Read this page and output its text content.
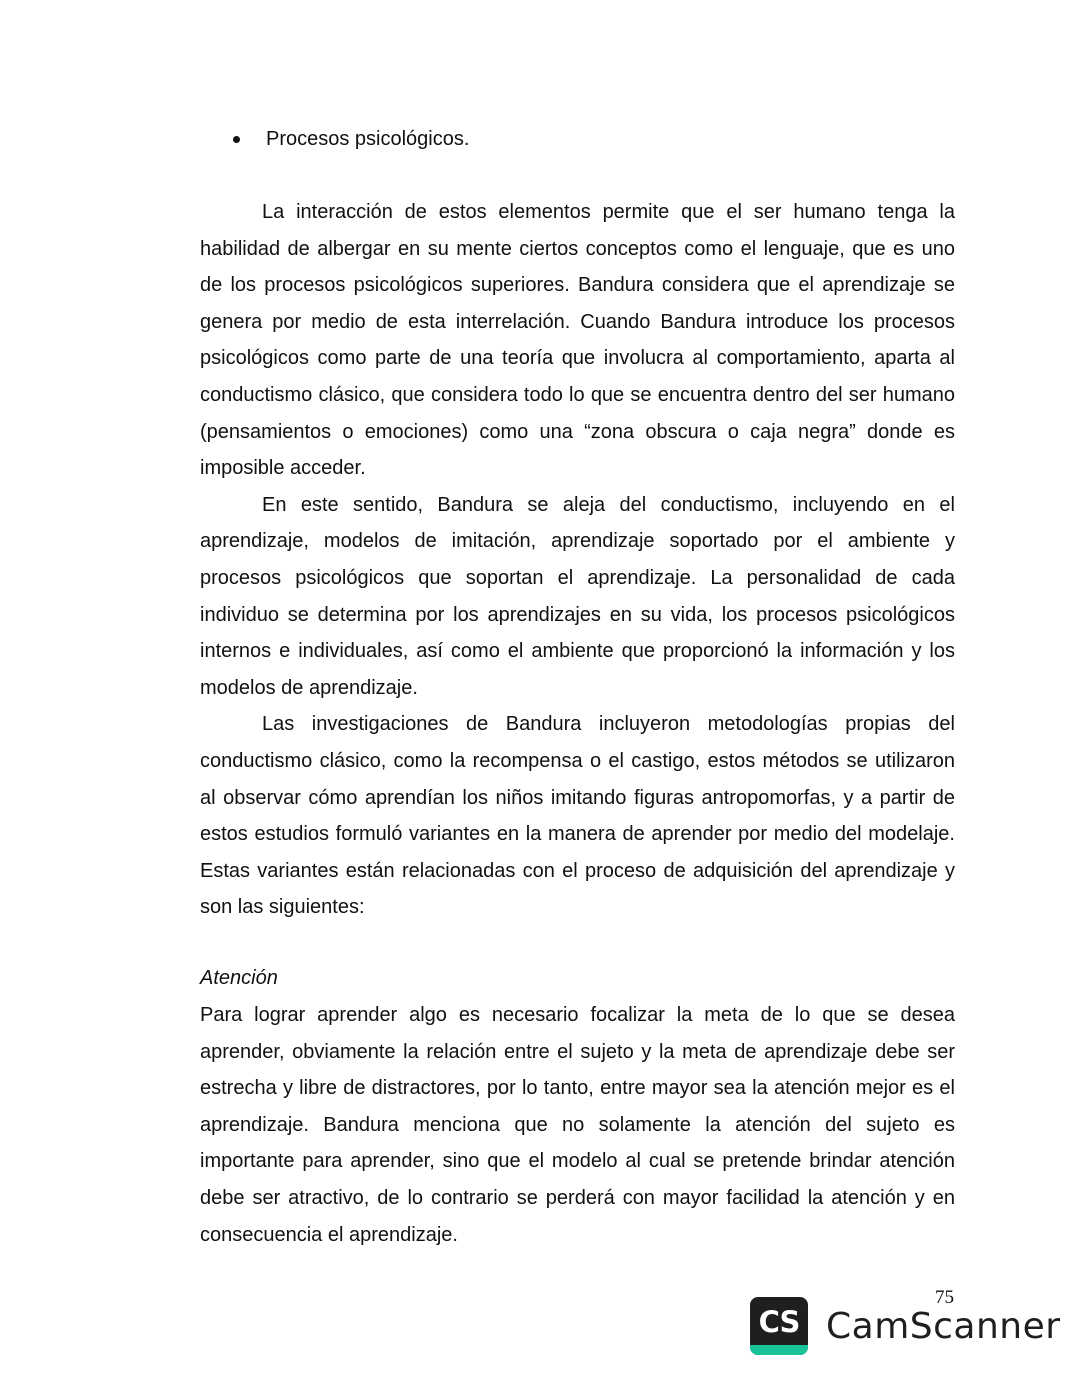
Procesos psicológicos.

La interacción de estos elementos permite que el ser humano tenga la habilidad de albergar en su mente ciertos conceptos como el lenguaje, que es uno de los procesos psicológicos superiores. Bandura considera que el aprendizaje se genera por medio de esta interrelación. Cuando Bandura introduce los procesos psicológicos como parte de una teoría que involucra al comportamiento, aparta al conductismo clásico, que considera todo lo que se encuentra dentro del ser humano (pensamientos o emociones) como una “zona obscura o caja negra” donde es imposible acceder.

En este sentido, Bandura se aleja del conductismo, incluyendo en el aprendizaje, modelos de imitación, aprendizaje soportado por el ambiente y procesos psicológicos que soportan el aprendizaje. La personalidad de cada individuo se determina por los aprendizajes en su vida, los procesos psicológicos internos e individuales, así como el ambiente que proporcionó la información y los modelos de aprendizaje.

Las investigaciones de Bandura incluyeron metodologías propias del conductismo clásico, como la recompensa o el castigo, estos métodos se utilizaron al observar cómo aprendían los niños imitando figuras antropomorfas, y a partir de estos estudios formuló variantes en la manera de aprender por medio del modelaje. Estas variantes están relacionadas con el proceso de adquisición del aprendizaje y son las siguientes:

Atención

Para lograr aprender algo es necesario focalizar la meta de lo que se desea aprender, obviamente la relación entre el sujeto y la meta de aprendizaje debe ser estrecha y libre de distractores, por lo tanto, entre mayor sea la atención mejor es el aprendizaje. Bandura menciona que no solamente la atención del sujeto es importante para aprender, sino que el modelo al cual se pretende brindar atención debe ser atractivo, de lo contrario se perderá con mayor facilidad la atención y en consecuencia el aprendizaje.

75
CS CamScanner
